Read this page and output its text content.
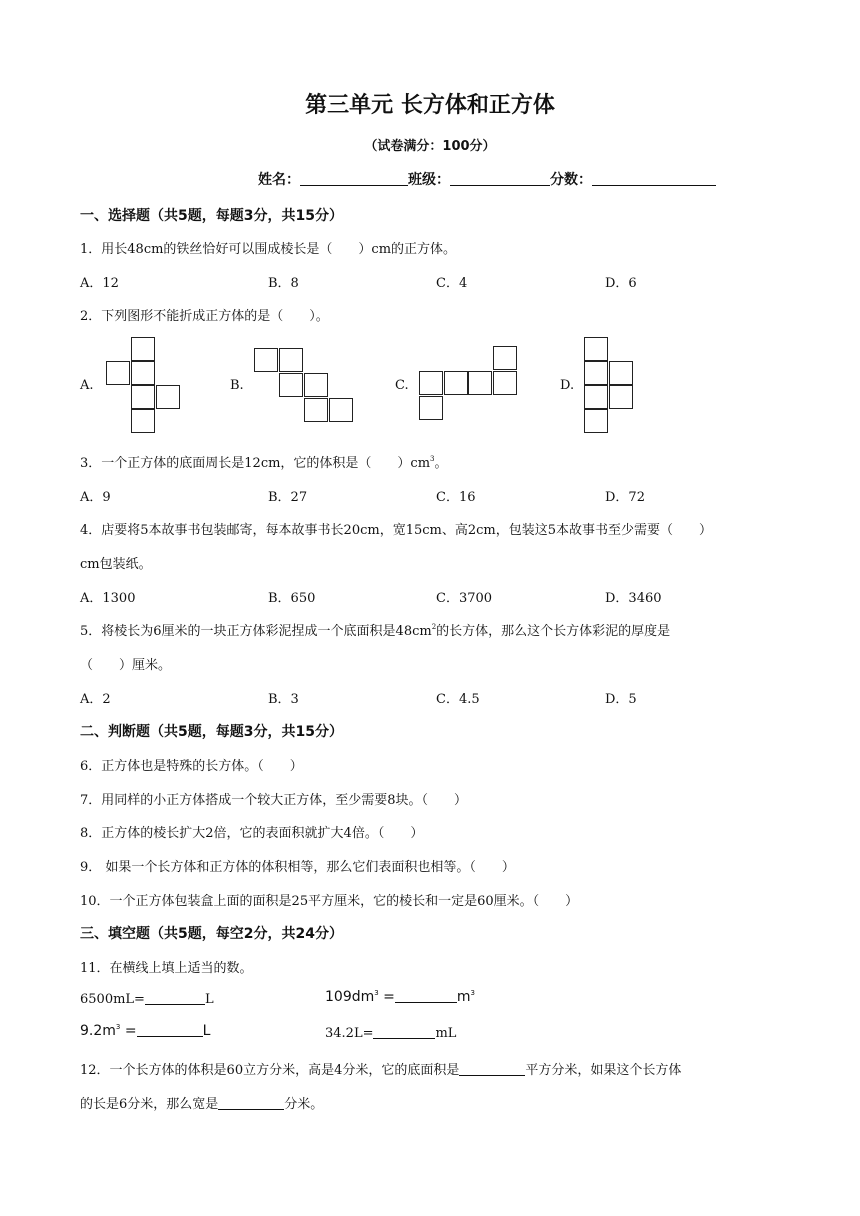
第三单元 长方体和正方体
（试卷满分：100分）
姓名：	班级：	分数：
一、选择题（共5题，每题3分，共15分）
1．用长48cm的铁丝恰好可以围成棱长是（　　）cm的正方体。
A．12	B．8	C．4	D．6
2．下列图形不能折成正方体的是（　　）。
A.	B.	C.	D.
3．一个正方体的底面周长是12cm，它的体积是（　　）$cm^3$。
A．9	B．27	C．16	D．72
4．店要将5本故事书包装邮寄，每本故事书长20cm，宽15cm、高2cm，包装这5本故事书至少需要（　　）
cm包装纸。
A．1300	B．650	C．3700	D．3460
5．将棱长为6厘米的一块正方体彩泥捏成一个底面积是$48cm^2$的长方体，那么这个长方体彩泥的厚度是
（　　）厘米。
A．2	B．3	C．4.5	D．5
二、判断题（共5题，每题3分，共15分）
6．正方体也是特殊的长方体。（　　）
7．用同样的小正方体搭成一个较大正方体，至少需要8块。（　　）
8．正方体的棱长扩大2倍，它的表面积就扩大4倍。（　　）
9． 如果一个长方体和正方体的体积相等，那么它们表面积也相等。（　　）
10．一个正方体包装盒上面的面积是25平方厘米，它的棱长和一定是60厘米。（　　）
三、填空题（共5题，每空2分，共24分）
11．在横线上填上适当的数。
6500mL=	L	$109dm^3$ =	$m^3$
$9.2m^3$ =	L	34.2L=	mL
12．一个长方体的体积是60立方分米，高是4分米，它的底面积是	平方分米，如果这个长方体
的长是6分米，那么宽是	分米。
